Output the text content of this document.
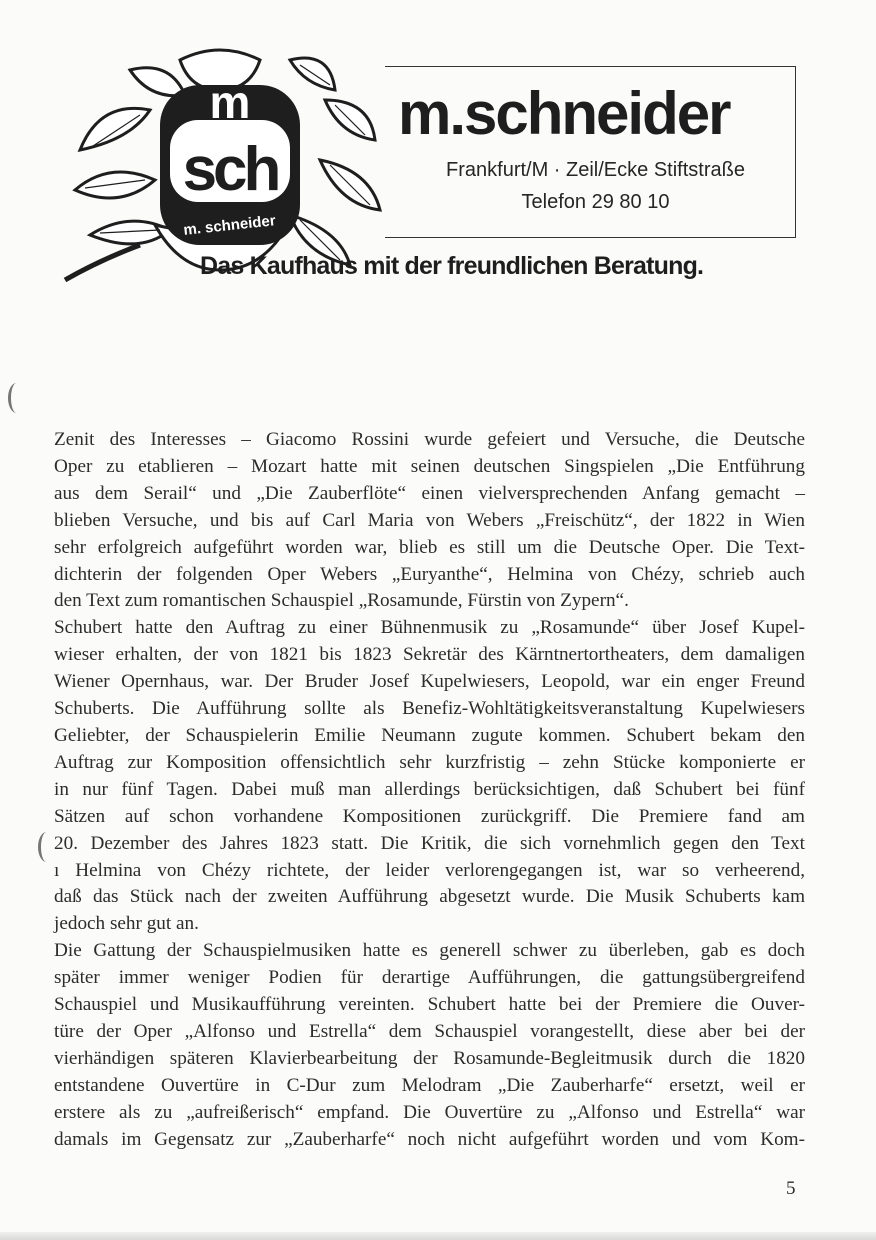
m
sch
m. schneider
m.schneider
Frankfurt/M · Zeil/Ecke Stiftstraße
Telefon 29 80 10
Das Kaufhaus mit der freundlichen Beratung.
Zenit des Interesses – Giacomo Rossini wurde gefeiert und Versuche, die Deutsche
Oper zu etablieren – Mozart hatte mit seinen deutschen Singspielen „Die Entführung
aus dem Serail“ und „Die Zauberflöte“ einen vielversprechenden Anfang gemacht –
blieben Versuche, und bis auf Carl Maria von Webers „Freischütz“, der 1822 in Wien
sehr erfolgreich aufgeführt worden war, blieb es still um die Deutsche Oper. Die Text-
dichterin der folgenden Oper Webers „Euryanthe“, Helmina von Chézy, schrieb auch
den Text zum romantischen Schauspiel „Rosamunde, Fürstin von Zypern“.
Schubert hatte den Auftrag zu einer Bühnenmusik zu „Rosamunde“ über Josef Kupel-
wieser erhalten, der von 1821 bis 1823 Sekretär des Kärntnertortheaters, dem damaligen
Wiener Opernhaus, war. Der Bruder Josef Kupelwiesers, Leopold, war ein enger Freund
Schuberts. Die Aufführung sollte als Benefiz-Wohltätigkeitsveranstaltung Kupelwiesers
Geliebter, der Schauspielerin Emilie Neumann zugute kommen. Schubert bekam den
Auftrag zur Komposition offensichtlich sehr kurzfristig – zehn Stücke komponierte er
in nur fünf Tagen. Dabei muß man allerdings berücksichtigen, daß Schubert bei fünf
Sätzen auf schon vorhandene Kompositionen zurückgriff. Die Premiere fand am
20. Dezember des Jahres 1823 statt. Die Kritik, die sich vornehmlich gegen den Text
ı Helmina von Chézy richtete, der leider verlorengegangen ist, war so verheerend,
daß das Stück nach der zweiten Aufführung abgesetzt wurde. Die Musik Schuberts kam
jedoch sehr gut an.
Die Gattung der Schauspielmusiken hatte es generell schwer zu überleben, gab es doch
später immer weniger Podien für derartige Aufführungen, die gattungsübergreifend
Schauspiel und Musikaufführung vereinten. Schubert hatte bei der Premiere die Ouver-
türe der Oper „Alfonso und Estrella“ dem Schauspiel vorangestellt, diese aber bei der
vierhändigen späteren Klavierbearbeitung der Rosamunde-Begleitmusik durch die 1820
entstandene Ouvertüre in C-Dur zum Melodram „Die Zauberharfe“ ersetzt, weil er
erstere als zu „aufreißerisch“ empfand. Die Ouvertüre zu „Alfonso und Estrella“ war
damals im Gegensatz zur „Zauberharfe“ noch nicht aufgeführt worden und vom Kom-
5
